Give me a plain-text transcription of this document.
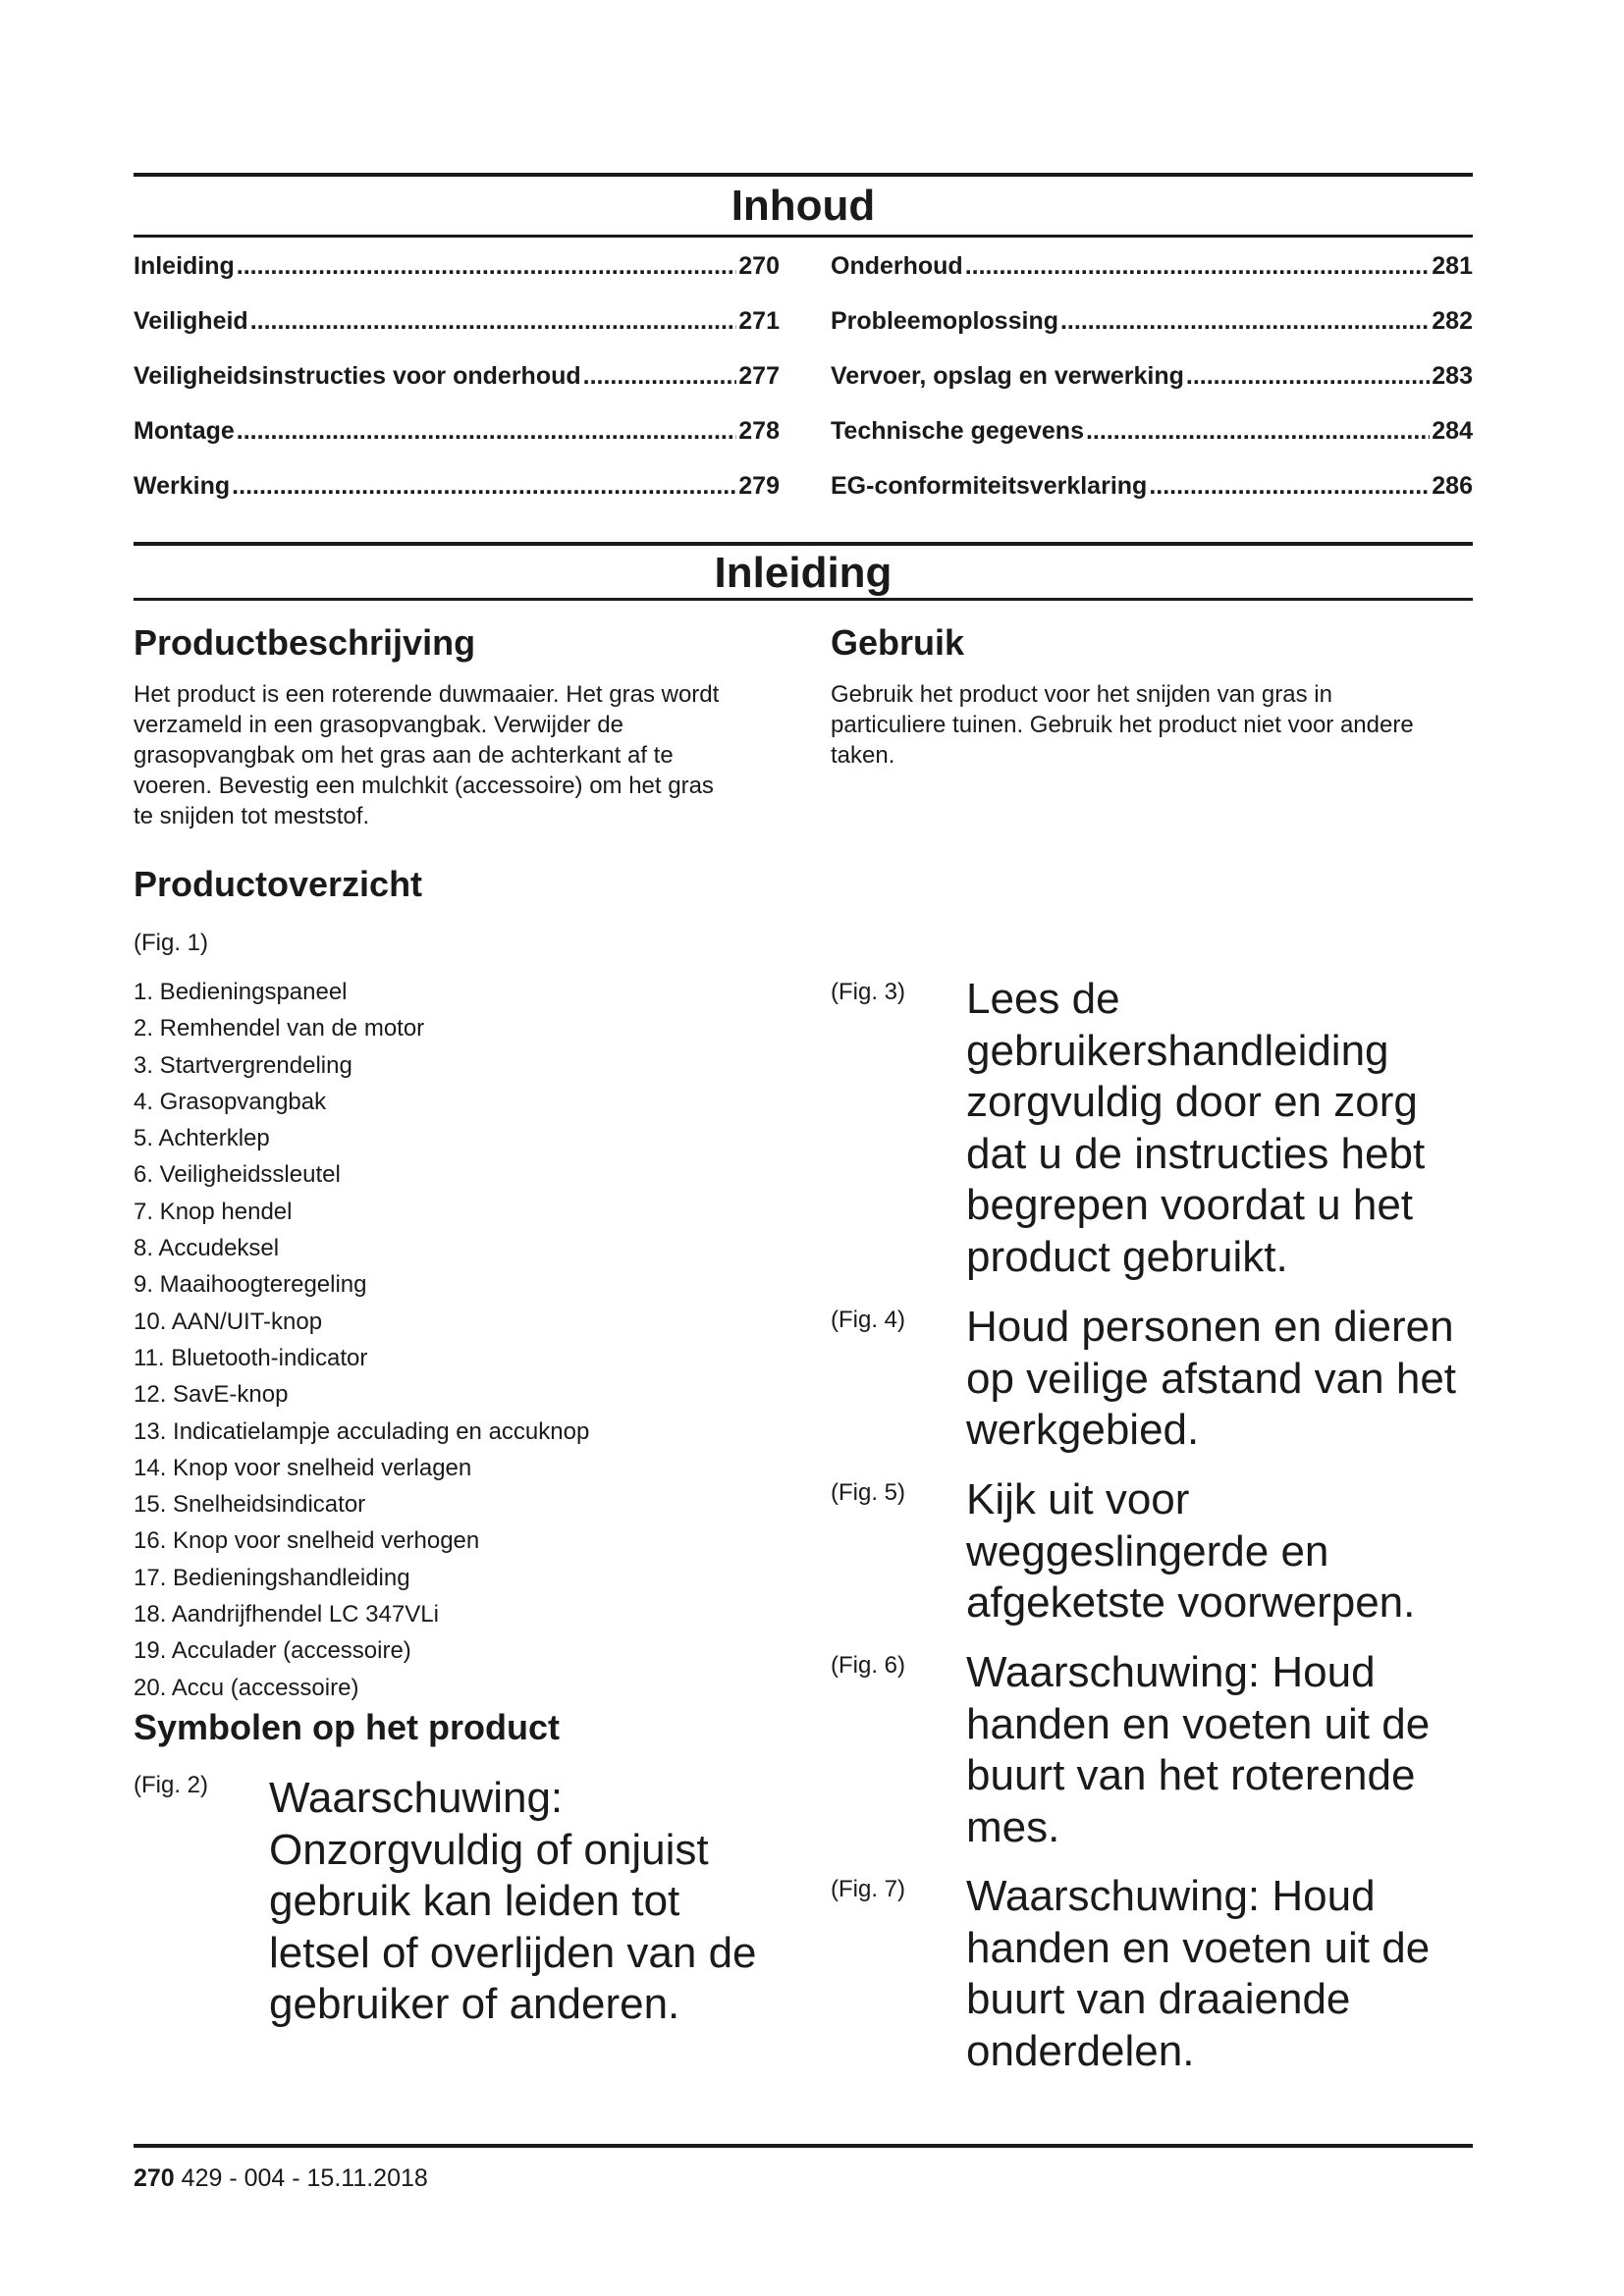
Inhoud
Inleiding .....	270
Veiligheid .....	271
Veiligheidsinstructies voor onderhoud .....	277
Montage .....	278
Werking .....	279
Onderhoud .....	281
Probleemoplossing .....	282
Vervoer, opslag en verwerking .....	283
Technische gegevens .....	284
EG-conformiteitsverklaring .....	286
Inleiding
Productbeschrijving
Het product is een roterende duwmaaier. Het gras wordt
verzameld in een grasopvangbak. Verwijder de
grasopvangbak om het gras aan de achterkant af te
voeren. Bevestig een mulchkit (accessoire) om het gras
te snijden tot meststof.
Gebruik
Gebruik het product voor het snijden van gras in
particuliere tuinen. Gebruik het product niet voor andere
taken.
Productoverzicht
(Fig. 1)
1. Bedieningspaneel
2. Remhendel van de motor
3. Startvergrendeling
4. Grasopvangbak
5. Achterklep
6. Veiligheidssleutel
7. Knop hendel
8. Accudeksel
9. Maaihoogteregeling
10. AAN/UIT-knop
11. Bluetooth-indicator
12. SavE-knop
13. Indicatielampje acculading en accuknop
14. Knop voor snelheid verlagen
15. Snelheidsindicator
16. Knop voor snelheid verhogen
17. Bedieningshandleiding
18. Aandrijfhendel LC 347VLi
19. Acculader (accessoire)
20. Accu (accessoire)
Symbolen op het product
(Fig. 2) Waarschuwing:
Onzorgvuldig of onjuist
gebruik kan leiden tot
letsel of overlijden van de
gebruiker of anderen.
(Fig. 3) Lees de
gebruikershandleiding
zorgvuldig door en zorg
dat u de instructies hebt
begrepen voordat u het
product gebruikt.
(Fig. 4) Houd personen en dieren
op veilige afstand van het
werkgebied.
(Fig. 5) Kijk uit voor
weggeslingerde en
afgeketste voorwerpen.
(Fig. 6) Waarschuwing: Houd
handen en voeten uit de
buurt van het roterende
mes.
(Fig. 7) Waarschuwing: Houd
handen en voeten uit de
buurt van draaiende
onderdelen.
270 429 - 004 - 15.11.2018
